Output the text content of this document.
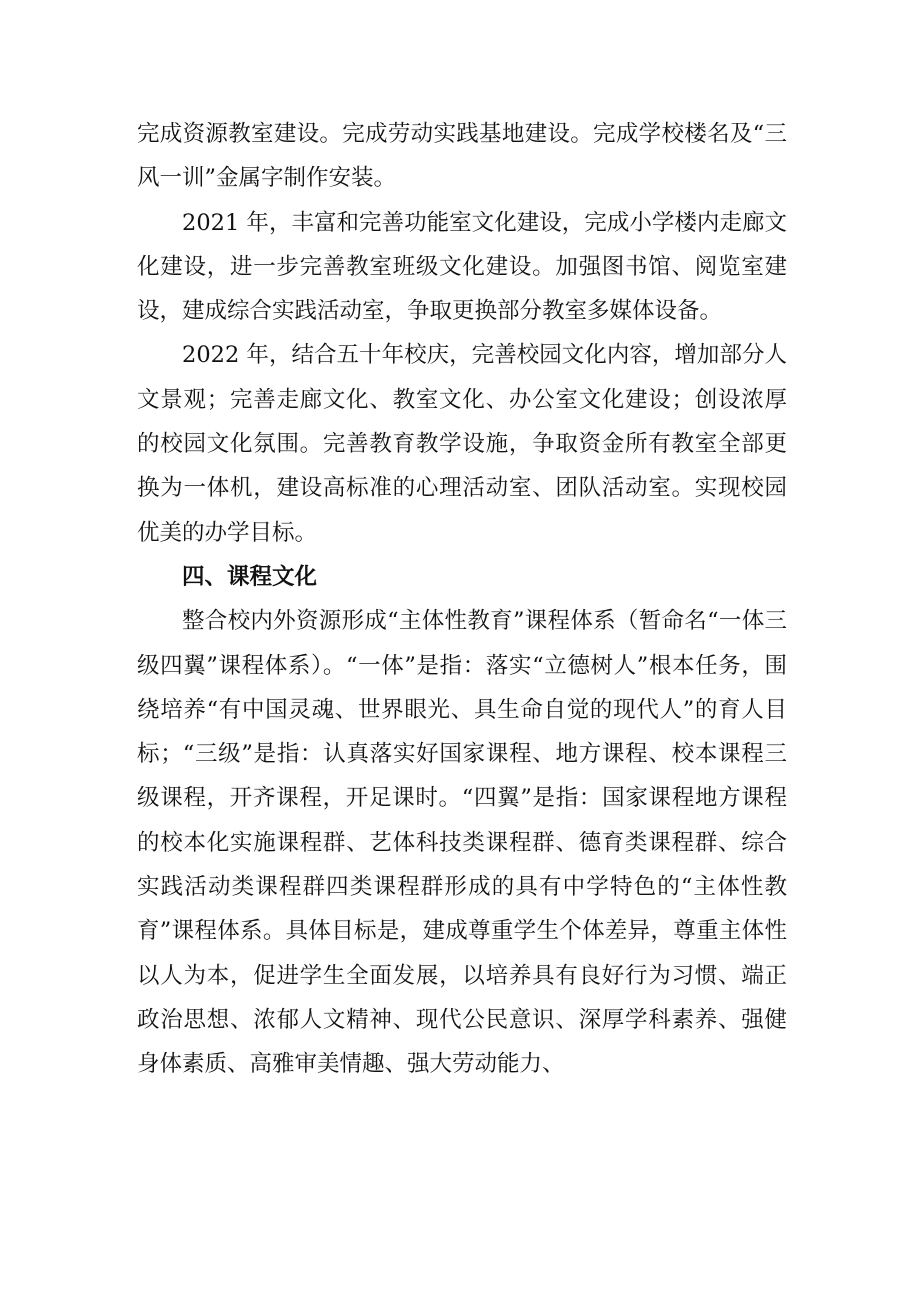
完成资源教室建设。完成劳动实践基地建设。完成学校楼名及“三风一训”金属字制作安装。

2021 年，丰富和完善功能室文化建设，完成小学楼内走廊文化建设，进一步完善教室班级文化建设。加强图书馆、阅览室建设，建成综合实践活动室，争取更换部分教室多媒体设备。

2022 年，结合五十年校庆，完善校园文化内容，增加部分人文景观；完善走廊文化、教室文化、办公室文化建设；创设浓厚的校园文化氛围。完善教育教学设施，争取资金所有教室全部更换为一体机，建设高标准的心理活动室、团队活动室。实现校园优美的办学目标。

四、课程文化

整合校内外资源形成“主体性教育”课程体系（暂命名“一体三级四翼”课程体系）。“一体”是指：落实“立德树人”根本任务，围绕培养“有中国灵魂、世界眼光、具生命自觉的现代人”的育人目标；“三级”是指：认真落实好国家课程、地方课程、校本课程三级课程，开齐课程，开足课时。“四翼”是指：国家课程地方课程的校本化实施课程群、艺体科技类课程群、德育类课程群、综合实践活动类课程群四类课程群形成的具有中学特色的“主体性教育”课程体系。具体目标是，建成尊重学生个体差异，尊重主体性以人为本，促进学生全面发展，以培养具有良好行为习惯、端正政治思想、浓郁人文精神、现代公民意识、深厚学科素养、强健身体素质、高雅审美情趣、强大劳动能力、
